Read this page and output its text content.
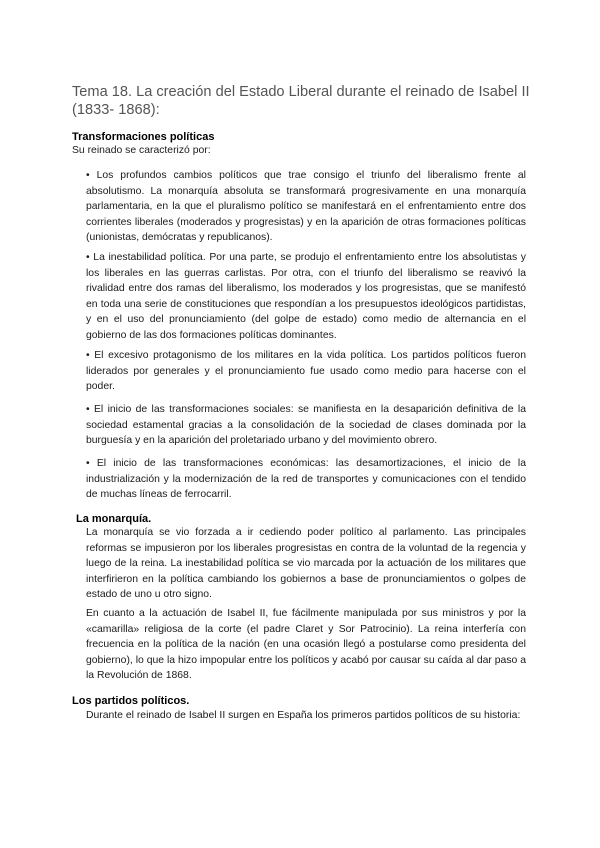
Tema 18. La creación del Estado Liberal durante el reinado de Isabel II (1833- 1868):
Transformaciones políticas

Su reinado se caracterizó por:

• Los profundos cambios políticos que trae consigo el triunfo del liberalismo frente al absolutismo. La monarquía absoluta se transformará progresivamente en una monarquía parlamentaria, en la que el pluralismo político se manifestará en el enfrentamiento entre dos corrientes liberales (moderados y progresistas) y en la aparición de otras formaciones políticas (unionistas, demócratas y republicanos).

• La inestabilidad política. Por una parte, se produjo el enfrentamiento entre los absolutistas y los liberales en las guerras carlistas. Por otra, con el triunfo del liberalismo se reavivó la rivalidad entre dos ramas del liberalismo, los moderados y los progresistas, que se manifestó en toda una serie de constituciones que respondían a los presupuestos ideológicos partidistas, y en el uso del pronunciamiento (del golpe de estado) como medio de alternancia en el gobierno de las dos formaciones políticas dominantes.

• El excesivo protagonismo de los militares en la vida política. Los partidos políticos fueron liderados por generales y el pronunciamiento fue usado como medio para hacerse con el poder.

• El inicio de las transformaciones sociales: se manifiesta en la desaparición definitiva de la sociedad estamental gracias a la consolidación de la sociedad de clases dominada por la burguesía y en la aparición del proletariado urbano y del movimiento obrero.

• El inicio de las transformaciones económicas: las desamortizaciones, el inicio de la industrialización y la modernización de la red de transportes y comunicaciones con el tendido de muchas líneas de ferrocarril.

La monarquía.

La monarquía se vio forzada a ir cediendo poder político al parlamento. Las principales reformas se impusieron por los liberales progresistas en contra de la voluntad de la regencia y luego de la reina. La inestabilidad política se vio marcada por la actuación de los militares que interfirieron en la política cambiando los gobiernos a base de pronunciamientos o golpes de estado de uno u otro signo.

En cuanto a la actuación de Isabel II, fue fácilmente manipulada por sus ministros y por la «camarilla» religiosa de la corte (el padre Claret y Sor Patrocinio). La reina interfería con frecuencia en la política de la nación (en una ocasión llegó a postularse como presidenta del gobierno), lo que la hizo impopular entre los políticos y acabó por causar su caída al dar paso a la Revolución de 1868.

Los partidos políticos.

Durante el reinado de Isabel II surgen en España los primeros partidos políticos de su historia:
